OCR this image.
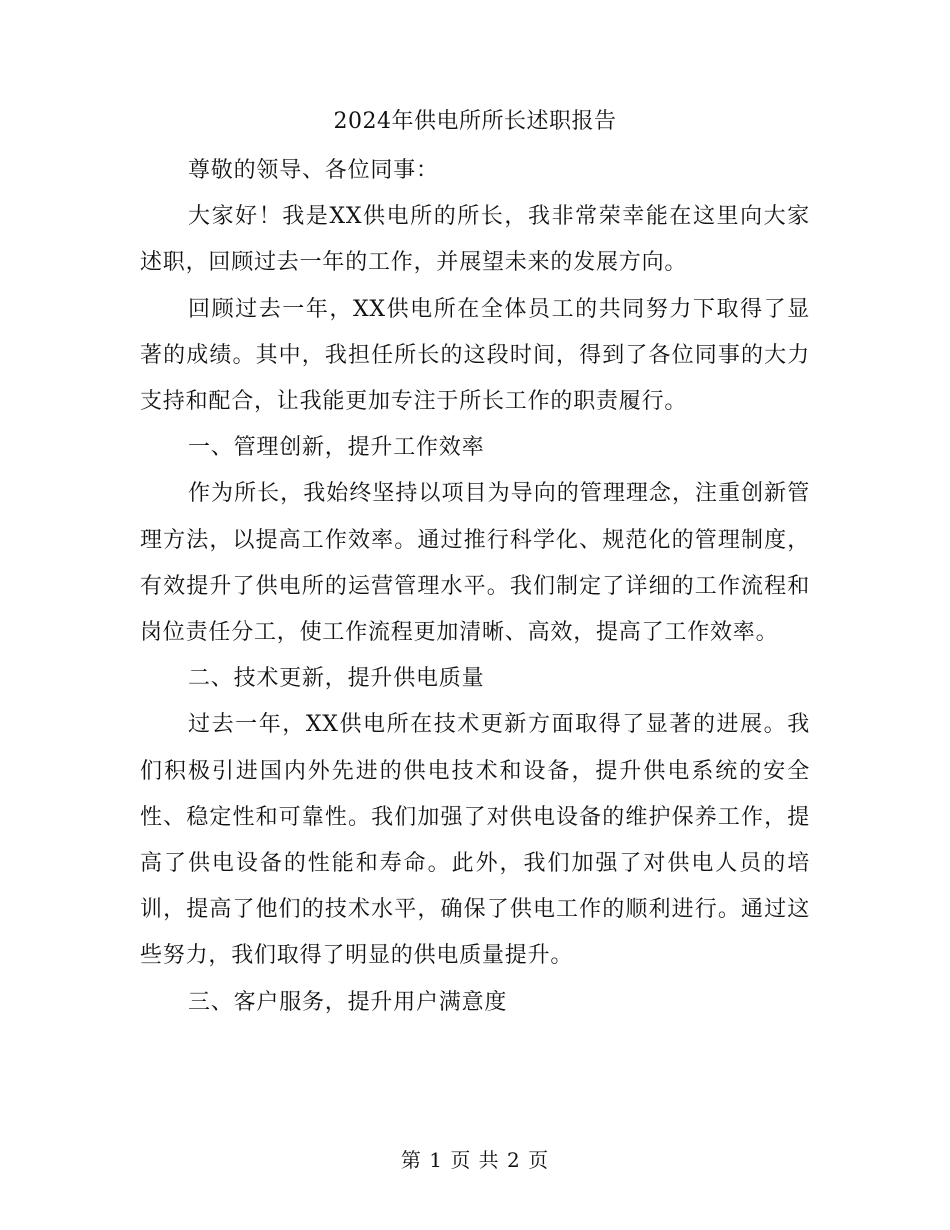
2024年供电所所长述职报告

尊敬的领导、各位同事：

大家好！我是XX供电所的所长，我非常荣幸能在这里向大家述职，回顾过去一年的工作，并展望未来的发展方向。

回顾过去一年，XX供电所在全体员工的共同努力下取得了显著的成绩。其中，我担任所长的这段时间，得到了各位同事的大力支持和配合，让我能更加专注于所长工作的职责履行。

一、管理创新，提升工作效率

作为所长，我始终坚持以项目为导向的管理理念，注重创新管理方法，以提高工作效率。通过推行科学化、规范化的管理制度，有效提升了供电所的运营管理水平。我们制定了详细的工作流程和岗位责任分工，使工作流程更加清晰、高效，提高了工作效率。

二、技术更新，提升供电质量

过去一年，XX供电所在技术更新方面取得了显著的进展。我们积极引进国内外先进的供电技术和设备，提升供电系统的安全性、稳定性和可靠性。我们加强了对供电设备的维护保养工作，提高了供电设备的性能和寿命。此外，我们加强了对供电人员的培训，提高了他们的技术水平，确保了供电工作的顺利进行。通过这些努力，我们取得了明显的供电质量提升。

三、客户服务，提升用户满意度

第 1 页 共 2 页
